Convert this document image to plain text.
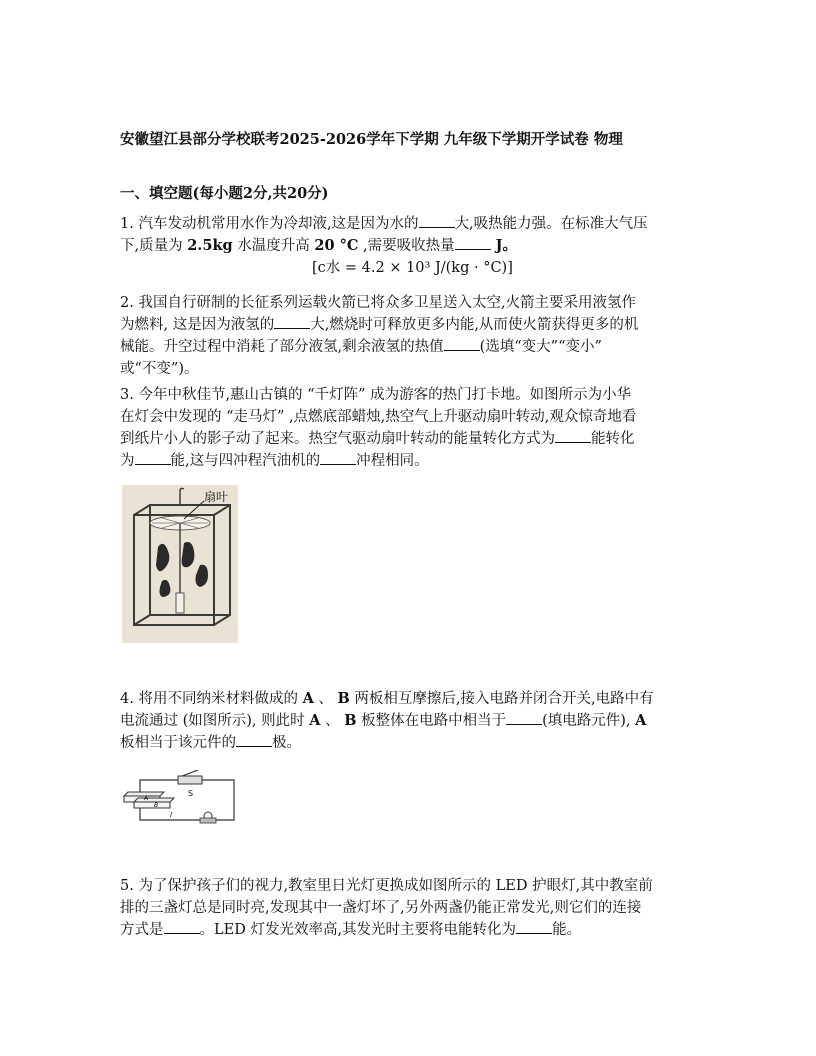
安徽望江县部分学校联考2025-2026学年下学期 九年级下学期开学试卷 物理
一、填空题(每小题2分,共20分)
1. 汽车发动机常用水作为冷却液,这是因为水的 大,吸热能力强。在标准大气压
下,质量为 2.5kg 水温度升高 20 °C ,需要吸收热量 J。
[c水 = 4.2 × 10³ J/(kg · °C)]
2. 我国自行研制的长征系列运载火箭已将众多卫星送入太空,火箭主要采用液氢作
为燃料, 这是因为液氢的 大,燃烧时可释放更多内能,从而使火箭获得更多的机
械能。升空过程中消耗了部分液氢,剩余液氢的热值 (选填“变大”“变小”
或“不变”)。
3. 今年中秋佳节,惠山古镇的 “千灯阵” 成为游客的热门打卡地。如图所示为小华
在灯会中发现的 “走马灯” ,点燃底部蜡烛,热空气上升驱动扇叶转动,观众惊奇地看
到纸片小人的影子动了起来。热空气驱动扇叶转动的能量转化方式为 能转化
为 能,这与四冲程汽油机的 冲程相同。
扇叶
4. 将用不同纳米材料做成的 A 、 B 两板相互摩擦后,接入电路并闭合开关,电路中有
电流通过 (如图所示), 则此时 A 、 B 板整体在电路中相当于 (填电路元件), A
板相当于该元件的 极。
S
A
B
I
5. 为了保护孩子们的视力,教室里日光灯更换成如图所示的 LED 护眼灯,其中教室前
排的三盏灯总是同时亮,发现其中一盏灯坏了,另外两盏仍能正常发光,则它们的连接
方式是 。LED 灯发光效率高,其发光时主要将电能转化为 能。
